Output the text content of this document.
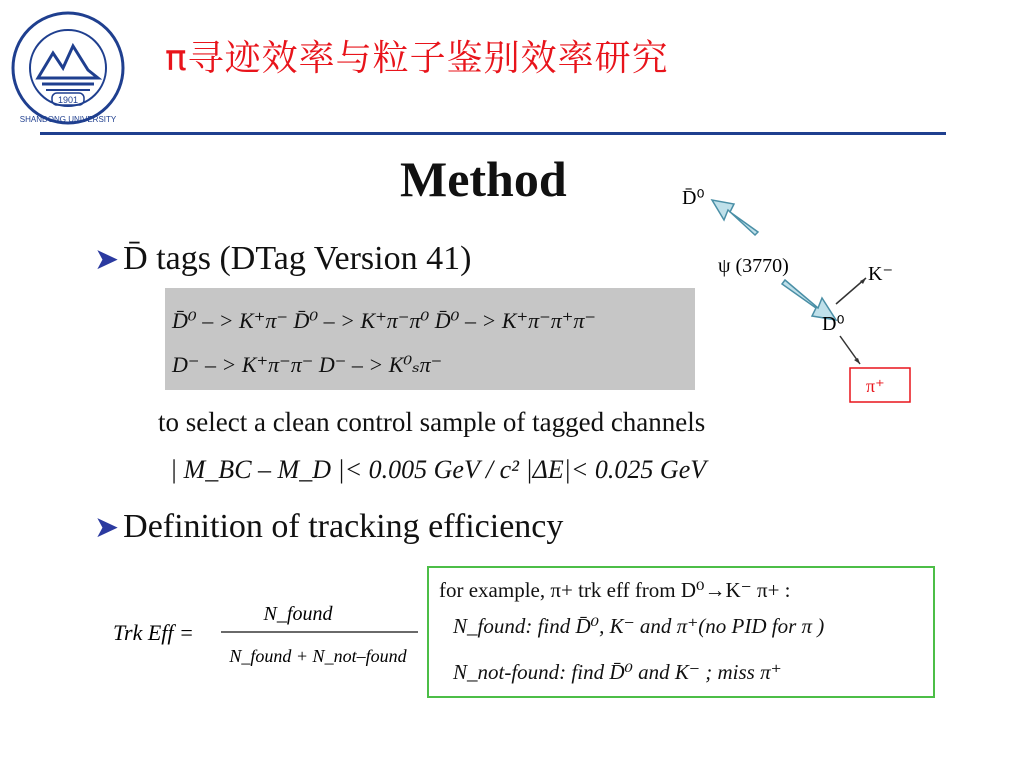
1901
SHANDONG UNIVERSITY
π寻迹效率与粒子鉴别效率研究
Method
➤ D̄ tags (DTag Version 41)
D̄⁰ – > K⁺π⁻ D̄⁰ – > K⁺π⁻π⁰ D̄⁰ – > K⁺π⁻π⁺π⁻
D⁻ – > K⁺π⁻π⁻ D⁻ – > K⁰ₛπ⁻
to select a clean control sample of tagged channels
| M_BC – M_D |< 0.005 GeV / c² |ΔE|< 0.025 GeV
➤ Definition of tracking efficiency
D̄⁰
ψ (3770)	K⁻
D⁰
π⁺
Trk Eff =
N_found
N_found + N_not–found
for example, π+ trk eff from D⁰→K⁻ π+ :
N_found: find D̄⁰, K⁻ and π⁺(no PID for π )
N_not-found: find D̄⁰ and K⁻ ; miss π⁺
